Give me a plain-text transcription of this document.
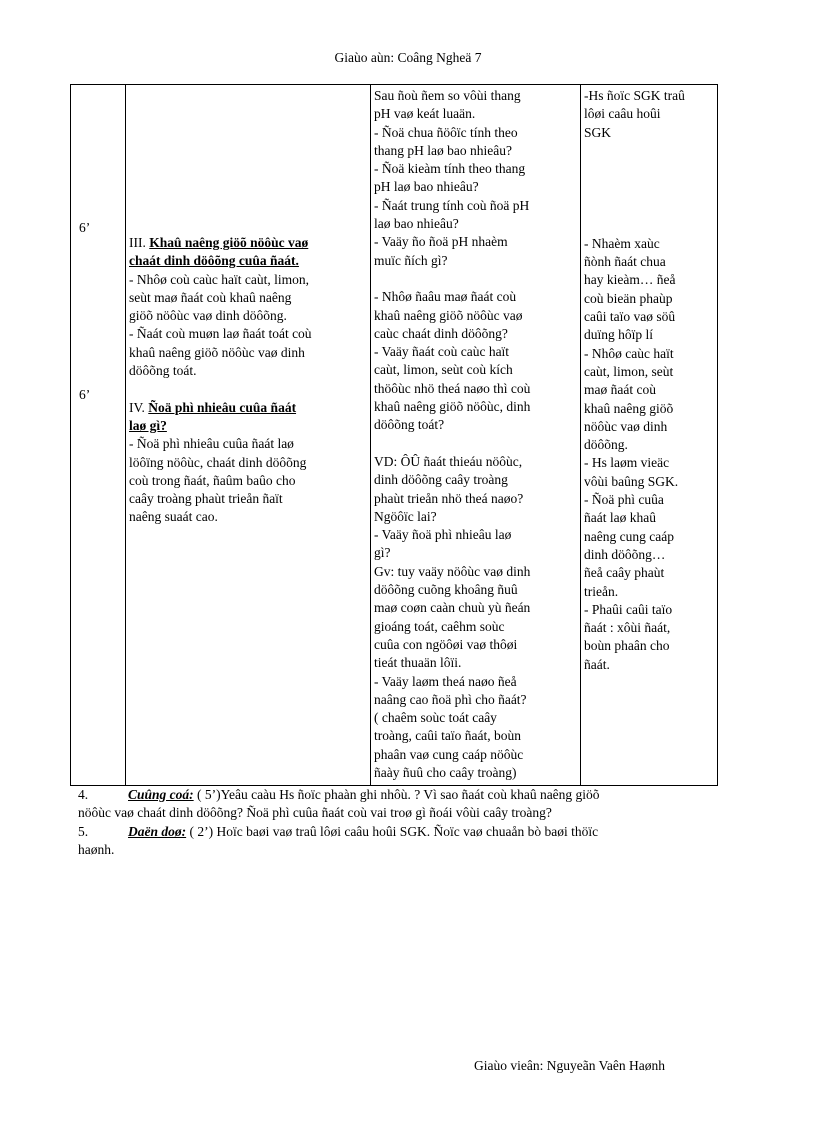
Giaùo aùn: Coâng Ngheä 7
6’
6’

III. Khaû naêng giöõ nöôùc vaø
chaát dinh döôõng cuûa ñaát.
- Nhôø coù caùc haït caùt, limon,
seùt maø ñaát coù khaû naêng
giöõ nöôùc vaø dinh döôõng.
- Ñaát coù muøn laø ñaát toát coù
khaû naêng giöõ nöôùc vaø dinh
döôõng toát.
IV. Ñoä phì nhieâu cuûa ñaát
laø gì?
- Ñoä phì nhieâu cuûa ñaát laø
löôïng nöôùc, chaát dinh döôõng
coù trong ñaát, ñaûm baûo cho
caây troàng phaùt trieån ñaït
naêng suaát cao.

Sau ñoù ñem so vôùi thang
pH vaø keát luaän.
- Ñoä chua ñöôïc tính theo
thang pH laø bao nhieâu?
- Ñoä kieàm tính theo thang
pH laø bao nhieâu?
- Ñaát trung tính coù ñoä pH
laø bao nhieâu?
- Vaäy ño ñoä pH nhaèm
muïc ñích gì?
- Nhôø ñaâu maø ñaát coù
khaû naêng giöõ nöôùc vaø
caùc chaát dinh döôõng?
- Vaäy ñaát coù caùc haït
caùt, limon, seùt coù kích
thöôùc nhö theá naøo thì coù
khaû naêng giöõ nöôùc, dinh
döôõng toát?
VD: ÔÛ ñaát thieáu nöôùc,
dinh döôõng caây troàng
phaùt trieån nhö theá naøo?
Ngöôïc lai?
- Vaäy ñoä phì nhieâu laø
gì?
Gv: tuy vaäy nöôùc vaø dinh
döôõng cuõng khoâng ñuû
maø coøn caàn chuù yù ñeán
gioáng toát, caêhm soùc
cuûa con ngöôøi vaø thôøi
tieát thuaän lôïi.
- Vaäy laøm theá naøo ñeå
naâng cao ñoä phì cho ñaát?
( chaêm soùc toát caây
troàng, caûi taïo ñaát, boùn
phaân vaø cung caáp nöôùc
ñaày ñuû cho caây troàng)

-Hs ñoïc SGK traû
lôøi caâu hoûi
SGK
- Nhaèm xaùc
ñònh ñaát chua
hay kieàm… ñeå
coù bieän phaùp
caûi taïo vaø söû
duïng hôïp lí
- Nhôø caùc haït
caùt, limon, seùt
maø ñaát coù
khaû naêng giöõ
nöôùc vaø dinh
döôõng.
- Hs laøm vieäc
vôùi baûng SGK.
- Ñoä phì cuûa
ñaát laø khaû
naêng cung caáp
dinh döôõng…
ñeå caây phaùt
trieån.
- Phaûi caûi taïo
ñaát : xôùi ñaát,
boùn phaân cho
ñaát.
4.	Cuûng coá: ( 5’)Yeâu caàu Hs ñoïc phaàn ghi nhôù. ? Vì sao ñaát coù khaû naêng giöõ
nöôùc vaø chaát dinh döôõng? Ñoä phì cuûa ñaát coù vai troø gì ñoái vôùi caây troàng?
5.	Daën doø: ( 2’) Hoïc baøi vaø traû lôøi caâu hoûi SGK. Ñoïc vaø chuaån bò baøi thöïc
haønh.
Giaùo vieân: Nguyeãn Vaên Haønh
